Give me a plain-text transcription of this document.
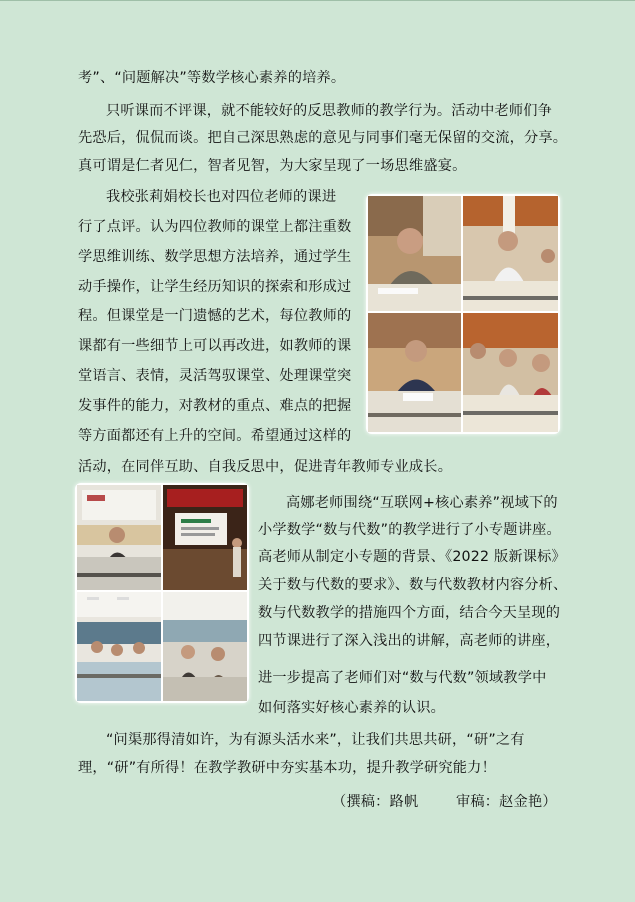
考”、“问题解决”等数学核心素养的培养。
只听课而不评课，就不能较好的反思教师的教学行为。活动中老师们争
先恐后，侃侃而谈。把自己深思熟虑的意见与同事们毫无保留的交流，分享。
真可谓是仁者见仁，智者见智，为大家呈现了一场思维盛宴。
我校张莉娟校长也对四位老师的课进
行了点评。认为四位教师的课堂上都注重数
学思维训练、数学思想方法培养，通过学生
动手操作，让学生经历知识的探索和形成过
程。但课堂是一门遗憾的艺术，每位教师的
课都有一些细节上可以再改进，如教师的课
堂语言、表情，灵活驾驭课堂、处理课堂突
发事件的能力，对教材的重点、难点的把握
等方面都还有上升的空间。希望通过这样的
活动，在同伴互助、自我反思中，促进青年教师专业成长。
高娜老师围绕“互联网+核心素养”视域下的
小学数学“数与代数”的教学进行了小专题讲座。
高老师从制定小专题的背景、《2022 版新课标》
关于数与代数的要求》、数与代数教材内容分析、
数与代数教学的措施四个方面，结合今天呈现的
四节课进行了深入浅出的讲解，高老师的讲座，
进一步提高了老师们对“数与代数”领域教学中
如何落实好核心素养的认识。
“问渠那得清如许，为有源头活水来”，让我们共思共研，“研”之有
理，“研”有所得！在教学教研中夯实基本功，提升教学研究能力！
（撰稿：路帆        审稿：赵金艳）
